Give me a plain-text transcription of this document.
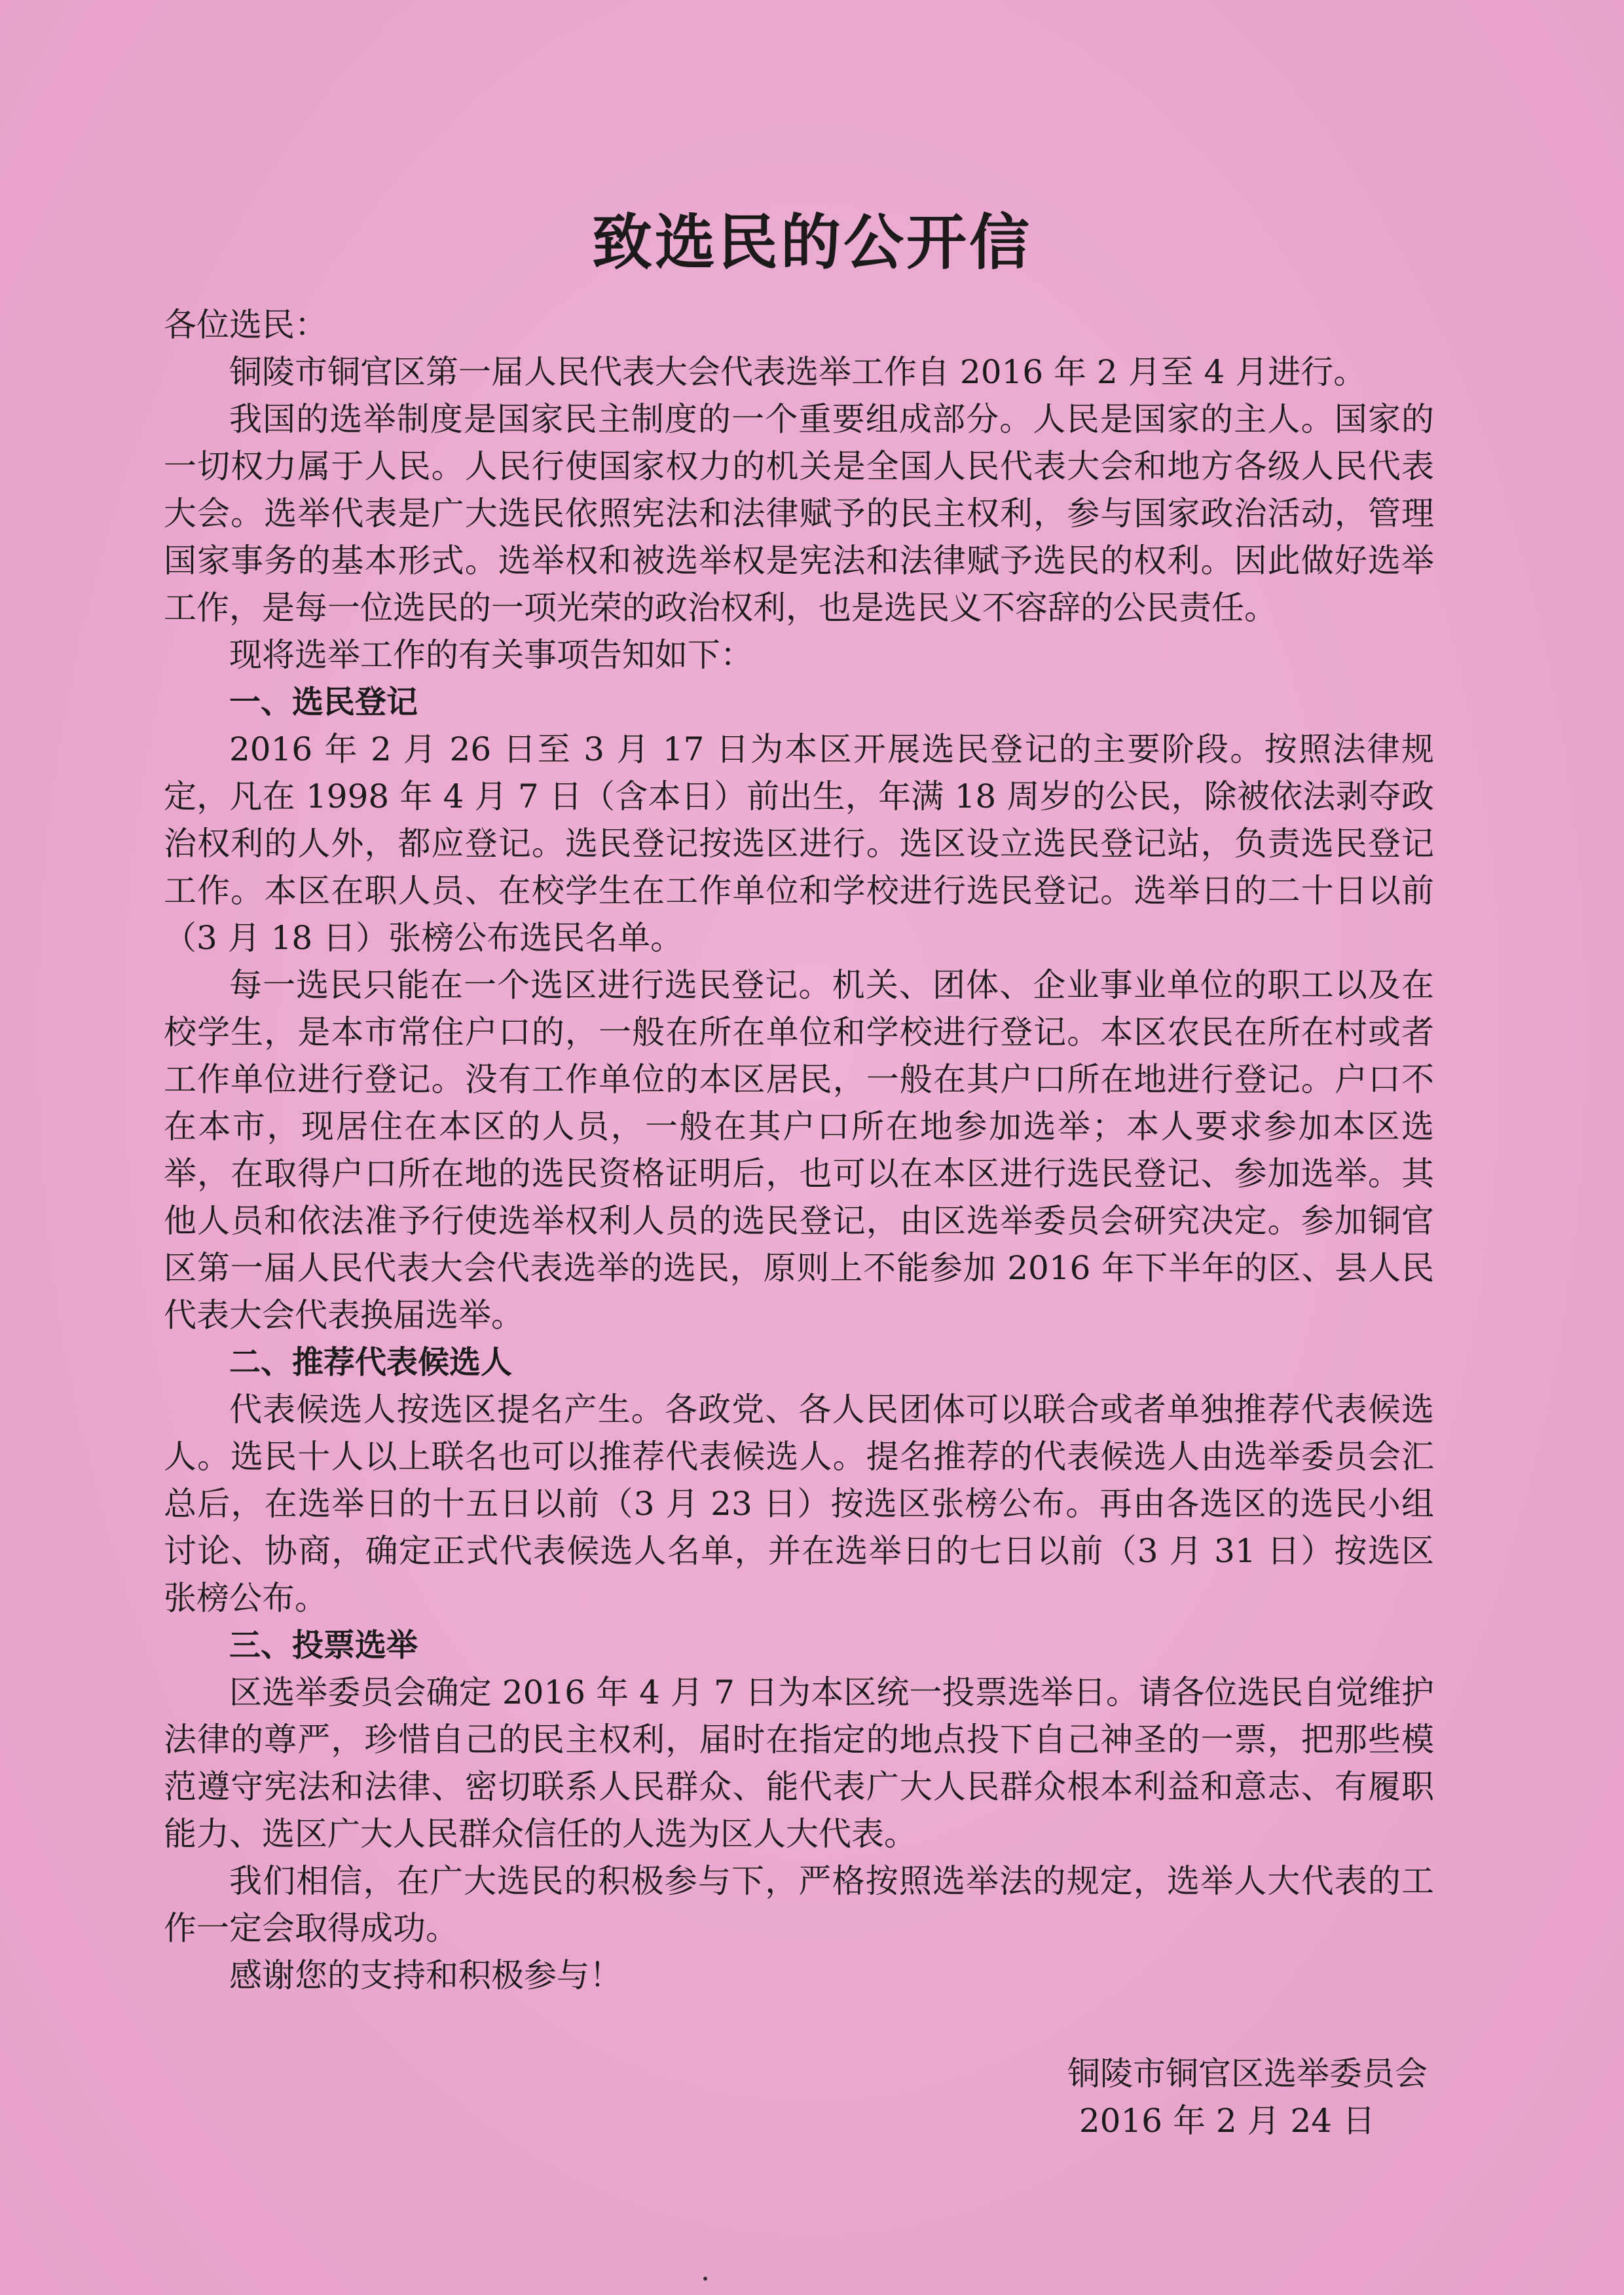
致选民的公开信

各位选民：

铜陵市铜官区第一届人民代表大会代表选举工作自 2016 年 2 月至 4 月进行。

我国的选举制度是国家民主制度的一个重要组成部分。人民是国家的主人。国家的一切权力属于人民。人民行使国家权力的机关是全国人民代表大会和地方各级人民代表大会。选举代表是广大选民依照宪法和法律赋予的民主权利，参与国家政治活动，管理国家事务的基本形式。选举权和被选举权是宪法和法律赋予选民的权利。因此做好选举工作，是每一位选民的一项光荣的政治权利，也是选民义不容辞的公民责任。

现将选举工作的有关事项告知如下：

一、选民登记

2016 年 2 月 26 日至 3 月 17 日为本区开展选民登记的主要阶段。按照法律规定，凡在 1998 年 4 月 7 日（含本日）前出生，年满 18 周岁的公民，除被依法剥夺政治权利的人外，都应登记。选民登记按选区进行。选区设立选民登记站，负责选民登记工作。本区在职人员、在校学生在工作单位和学校进行选民登记。选举日的二十日以前（3 月 18 日）张榜公布选民名单。

每一选民只能在一个选区进行选民登记。机关、团体、企业事业单位的职工以及在校学生，是本市常住户口的，一般在所在单位和学校进行登记。本区农民在所在村或者工作单位进行登记。没有工作单位的本区居民，一般在其户口所在地进行登记。户口不在本市，现居住在本区的人员，一般在其户口所在地参加选举；本人要求参加本区选举，在取得户口所在地的选民资格证明后，也可以在本区进行选民登记、参加选举。其他人员和依法准予行使选举权利人员的选民登记，由区选举委员会研究决定。参加铜官区第一届人民代表大会代表选举的选民，原则上不能参加 2016 年下半年的区、县人民代表大会代表换届选举。

二、推荐代表候选人

代表候选人按选区提名产生。各政党、各人民团体可以联合或者单独推荐代表候选人。选民十人以上联名也可以推荐代表候选人。提名推荐的代表候选人由选举委员会汇总后，在选举日的十五日以前（3 月 23 日）按选区张榜公布。再由各选区的选民小组讨论、协商，确定正式代表候选人名单，并在选举日的七日以前（3 月 31 日）按选区张榜公布。

三、投票选举

区选举委员会确定 2016 年 4 月 7 日为本区统一投票选举日。请各位选民自觉维护法律的尊严，珍惜自己的民主权利，届时在指定的地点投下自己神圣的一票，把那些模范遵守宪法和法律、密切联系人民群众、能代表广大人民群众根本利益和意志、有履职能力、选区广大人民群众信任的人选为区人大代表。

我们相信，在广大选民的积极参与下，严格按照选举法的规定，选举人大代表的工作一定会取得成功。

感谢您的支持和积极参与！

铜陵市铜官区选举委员会
2016 年 2 月 24 日
